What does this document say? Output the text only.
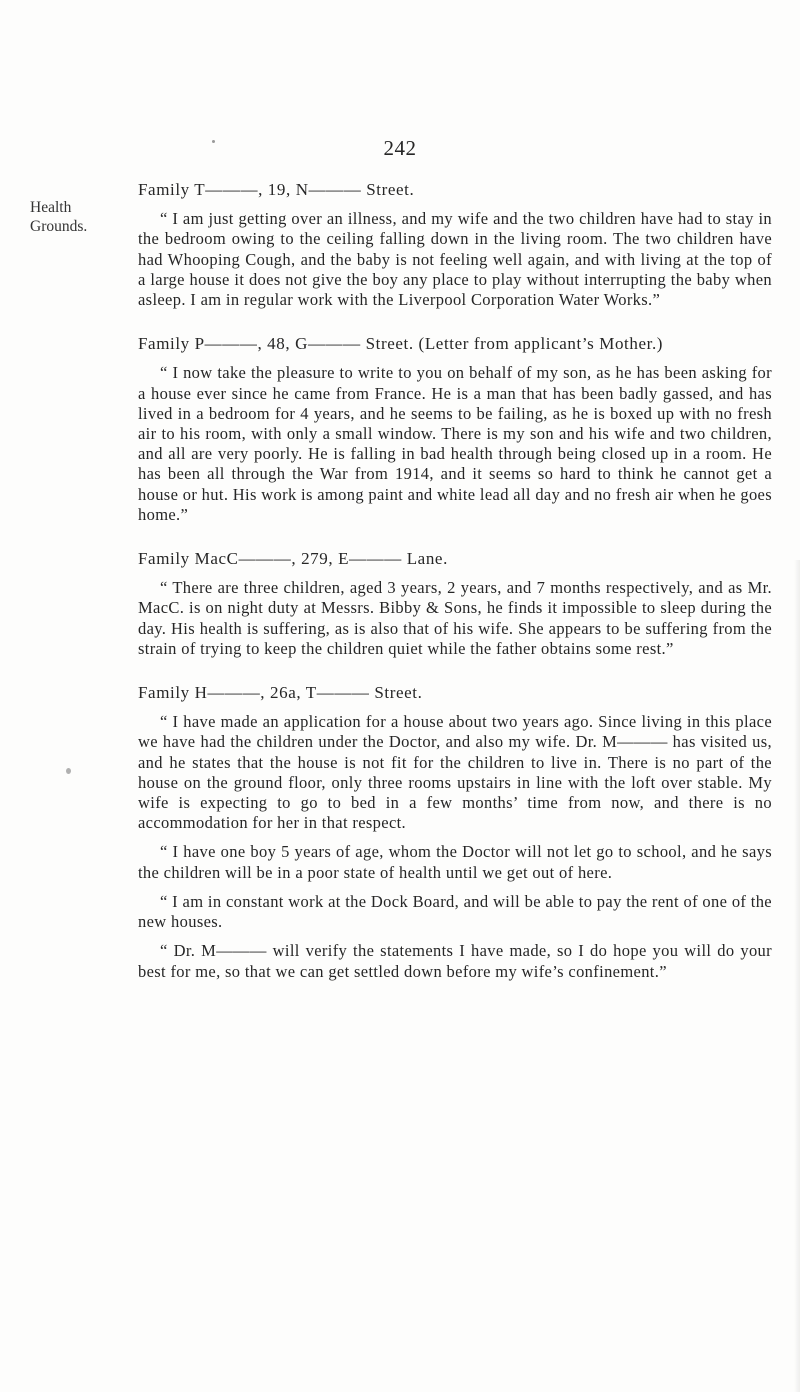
242
Health Grounds.

Family T———, 19, N——— Street.

“ I am just getting over an illness, and my wife and the two children have had to stay in the bedroom owing to the ceiling falling down in the living room. The two children have had Whooping Cough, and the baby is not feeling well again, and with living at the top of a large house it does not give the boy any place to play without interrupting the baby when asleep. I am in regular work with the Liverpool Corporation Water Works.”

Family P———, 48, G——— Street. (Letter from applicant’s Mother.)

“ I now take the pleasure to write to you on behalf of my son, as he has been asking for a house ever since he came from France. He is a man that has been badly gassed, and has lived in a bedroom for 4 years, and he seems to be failing, as he is boxed up with no fresh air to his room, with only a small window. There is my son and his wife and two children, and all are very poorly. He is falling in bad health through being closed up in a room. He has been all through the War from 1914, and it seems so hard to think he cannot get a house or hut. His work is among paint and white lead all day and no fresh air when he goes home.”

Family MacC———, 279, E——— Lane.

“ There are three children, aged 3 years, 2 years, and 7 months respectively, and as Mr. MacC. is on night duty at Messrs. Bibby & Sons, he finds it impossible to sleep during the day. His health is suffering, as is also that of his wife. She appears to be suffering from the strain of trying to keep the children quiet while the father obtains some rest.”

Family H———, 26a, T——— Street.

“ I have made an application for a house about two years ago. Since living in this place we have had the children under the Doctor, and also my wife. Dr. M——— has visited us, and he states that the house is not fit for the children to live in. There is no part of the house on the ground floor, only three rooms upstairs in line with the loft over stable. My wife is expecting to go to bed in a few months’ time from now, and there is no accommodation for her in that respect.

“ I have one boy 5 years of age, whom the Doctor will not let go to school, and he says the children will be in a poor state of health until we get out of here.

“ I am in constant work at the Dock Board, and will be able to pay the rent of one of the new houses.

“ Dr. M——— will verify the statements I have made, so I do hope you will do your best for me, so that we can get settled down before my wife’s confinement.”
